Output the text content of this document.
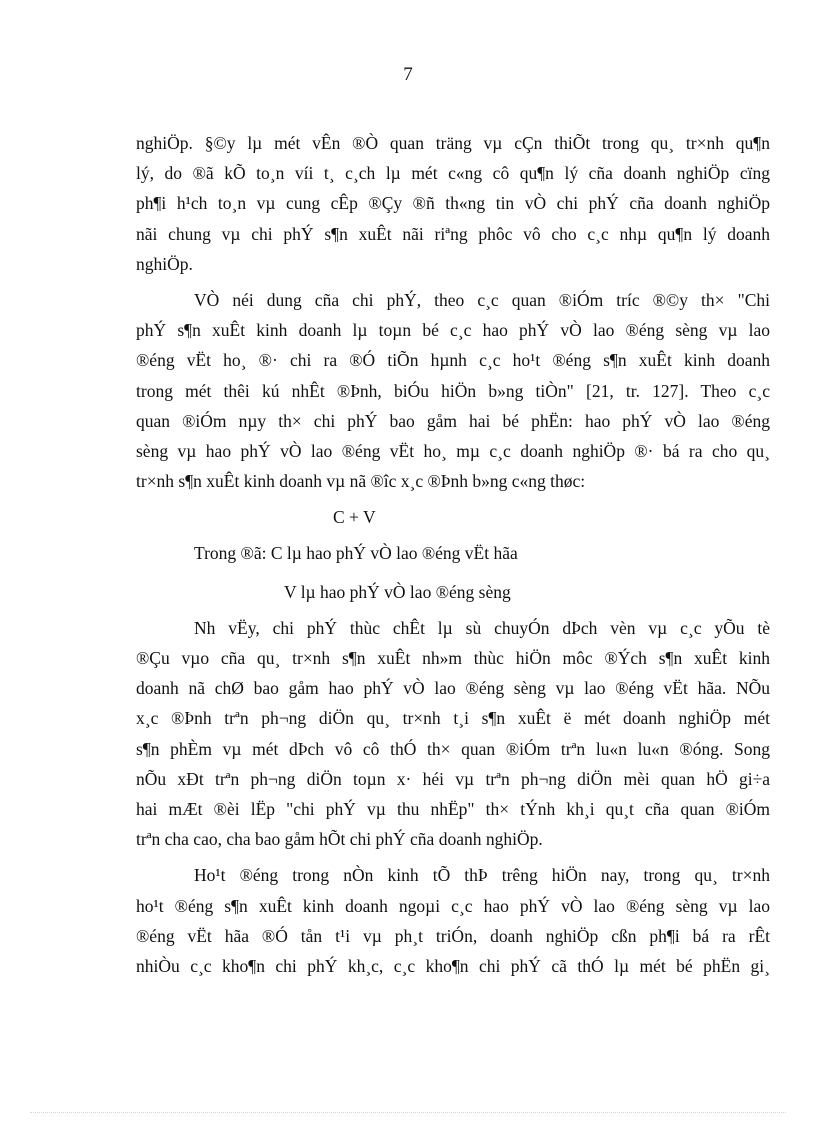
7
nghiÖp. §©y lµ mét vÊn ®Ò quan träng vµ cÇn thiÕt trong qu¸ tr×nh qu¶n
lý, do ®ã kÕ to¸n víi t¸ c¸ch lµ mét c«ng cô qu¶n lý cña doanh nghiÖp cïng
ph¶i h¹ch to¸n vµ cung cÊp ®Çy ®ñ th«ng tin vÒ chi phÝ cña doanh nghiÖp
nãi chung vµ chi phÝ s¶n xuÊt nãi riªng phôc vô cho c¸c nhµ qu¶n lý doanh
nghiÖp.
VÒ néi dung cña chi phÝ, theo c¸c quan ®iÓm tríc ®©y th× "Chi
phÝ s¶n xuÊt kinh doanh lµ toµn bé c¸c hao phÝ vÒ lao ®éng sèng vµ lao
®éng vËt ho¸ ®· chi ra ®Ó tiÕn hµnh c¸c ho¹t ®éng s¶n xuÊt kinh doanh
trong mét thêi kú nhÊt ®Þnh, biÓu hiÖn b»ng tiÒn" [21, tr. 127]. Theo c¸c
quan ®iÓm nµy th× chi phÝ bao gåm hai bé phËn: hao phÝ vÒ lao ®éng
sèng vµ hao phÝ vÒ lao ®éng vËt ho¸ mµ c¸c doanh nghiÖp ®· bá ra cho qu¸
tr×nh s¶n xuÊt kinh doanh vµ nã ®îc x¸c ®Þnh b»ng c«ng thøc:
C + V
Trong ®ã: C lµ hao phÝ vÒ lao ®éng vËt hãa
V lµ hao phÝ vÒ lao ®éng sèng
Nh vËy, chi phÝ thùc chÊt lµ sù chuyÓn dÞch vèn vµ c¸c yÕu tè
®Çu vµo cña qu¸ tr×nh s¶n xuÊt nh»m thùc hiÖn môc ®Ých s¶n xuÊt kinh
doanh nã chØ bao gåm hao phÝ vÒ lao ®éng sèng vµ lao ®éng vËt hãa. NÕu
x¸c ®Þnh trªn ph¬ng diÖn qu¸ tr×nh t¸i s¶n xuÊt ë mét doanh nghiÖp mét
s¶n phÈm vµ mét dÞch vô cô thÓ th× quan ®iÓm trªn lu«n lu«n ®óng. Song
nÕu xÐt trªn ph¬ng diÖn toµn x· héi vµ trªn ph¬ng diÖn mèi quan hÖ gi÷a
hai mÆt ®èi lËp "chi phÝ vµ thu nhËp" th× tÝnh kh¸i qu¸t cña quan ®iÓm
trªn cha cao, cha bao gåm hÕt chi phÝ cña doanh nghiÖp.
Ho¹t ®éng trong nÒn kinh tÕ thÞ trêng hiÖn nay, trong qu¸ tr×nh
ho¹t ®éng s¶n xuÊt kinh doanh ngoµi c¸c hao phÝ vÒ lao ®éng sèng vµ lao
®éng vËt hãa ®Ó tån t¹i vµ ph¸t triÓn, doanh nghiÖp cßn ph¶i bá ra rÊt
nhiÒu c¸c kho¶n chi phÝ kh¸c, c¸c kho¶n chi phÝ cã thÓ lµ mét bé phËn gi¸
